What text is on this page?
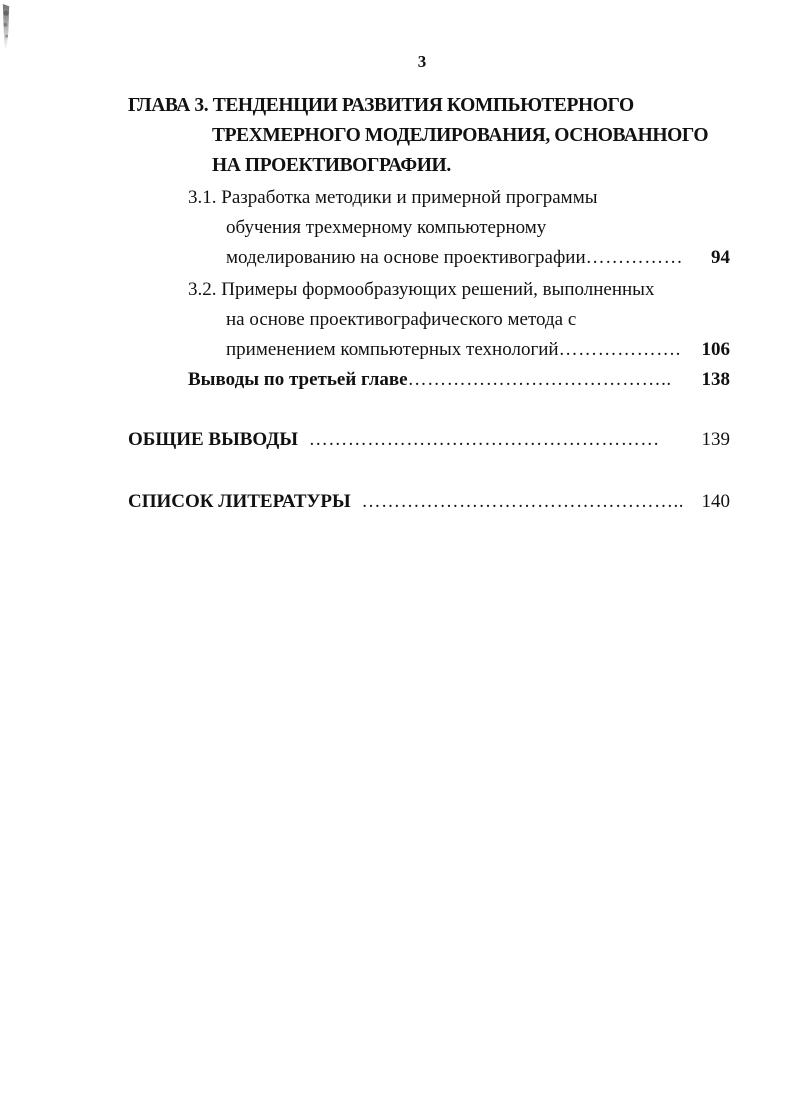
3
ГЛАВА 3. ТЕНДЕНЦИИ РАЗВИТИЯ КОМПЬЮТЕРНОГО
ТРЕХМЕРНОГО МОДЕЛИРОВАНИЯ, ОСНОВАННОГО
НА ПРОЕКТИВОГРАФИИ.
3.1. Разработка методики и примерной программы
обучения трехмерному компьютерному
моделированию на основе проективографии…………… 94
3.2. Примеры формообразующих решений, выполненных
на основе проективографического метода с
применением компьютерных технологий………………. 106
Выводы по третьей главе………………………………….. 138
ОБЩИЕ ВЫВОДЫ ……………………………………………… 139
СПИСОК ЛИТЕРАТУРЫ ………………………………………….. 140
